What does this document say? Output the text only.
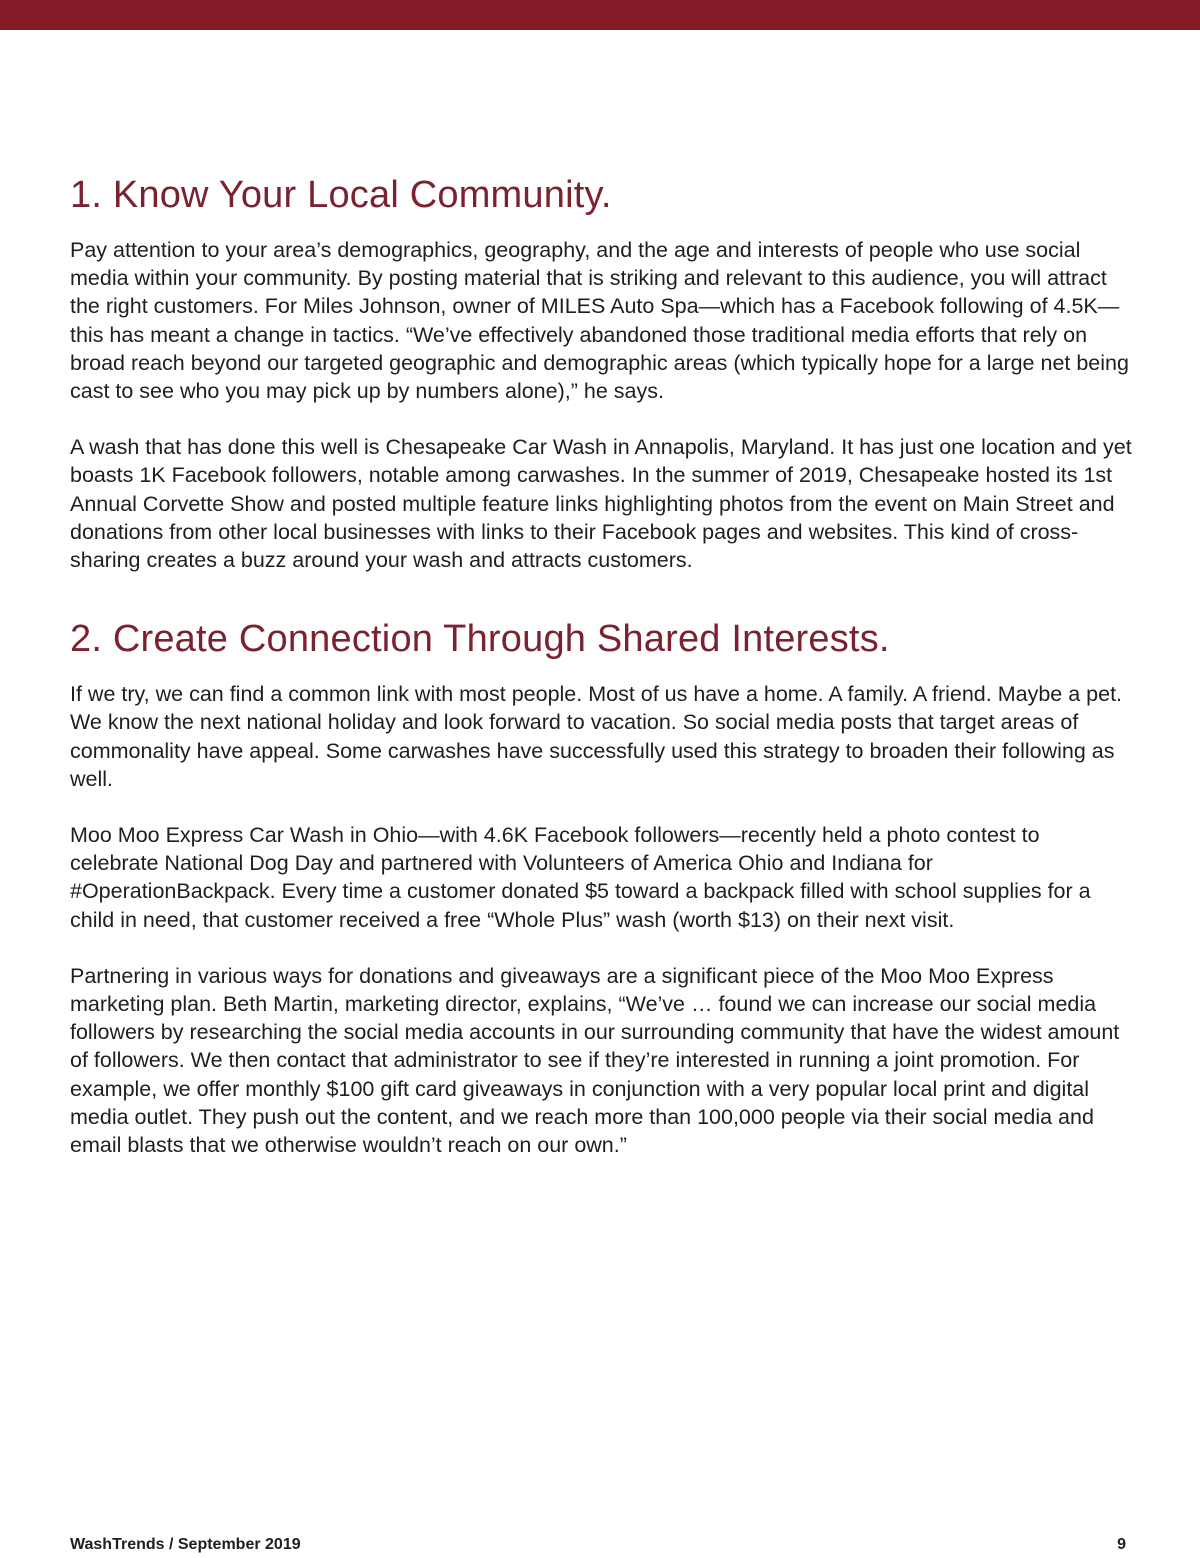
1. Know Your Local Community.

Pay attention to your area’s demographics, geography, and the age and interests of people who use social media within your community. By posting material that is striking and relevant to this audience, you will attract the right customers. For Miles Johnson, owner of MILES Auto Spa—which has a Facebook following of 4.5K—this has meant a change in tactics. “We’ve effectively abandoned those traditional media efforts that rely on broad reach beyond our targeted geographic and demographic areas (which typically hope for a large net being cast to see who you may pick up by numbers alone),” he says.

A wash that has done this well is Chesapeake Car Wash in Annapolis, Maryland. It has just one location and yet boasts 1K Facebook followers, notable among carwashes. In the summer of 2019, Chesapeake hosted its 1st Annual Corvette Show and posted multiple feature links highlighting photos from the event on Main Street and donations from other local businesses with links to their Facebook pages and websites. This kind of cross-sharing creates a buzz around your wash and attracts customers.

2. Create Connection Through Shared Interests.

If we try, we can find a common link with most people. Most of us have a home. A family. A friend. Maybe a pet. We know the next national holiday and look forward to vacation. So social media posts that target areas of commonality have appeal. Some carwashes have successfully used this strategy to broaden their following as well.

Moo Moo Express Car Wash in Ohio—with 4.6K Facebook followers—recently held a photo contest to celebrate National Dog Day and partnered with Volunteers of America Ohio and Indiana for #OperationBackpack. Every time a customer donated $5 toward a backpack filled with school supplies for a child in need, that customer received a free “Whole Plus” wash (worth $13) on their next visit.

Partnering in various ways for donations and giveaways are a significant piece of the Moo Moo Express marketing plan. Beth Martin, marketing director, explains, “We’ve … found we can increase our social media followers by researching the social media accounts in our surrounding community that have the widest amount of followers. We then contact that administrator to see if they’re interested in running a joint promotion. For example, we offer monthly $100 gift card giveaways in conjunction with a very popular local print and digital media outlet. They push out the content, and we reach more than 100,000 people via their social media and email blasts that we otherwise wouldn’t reach on our own.”

WashTrends / September 2019	9
